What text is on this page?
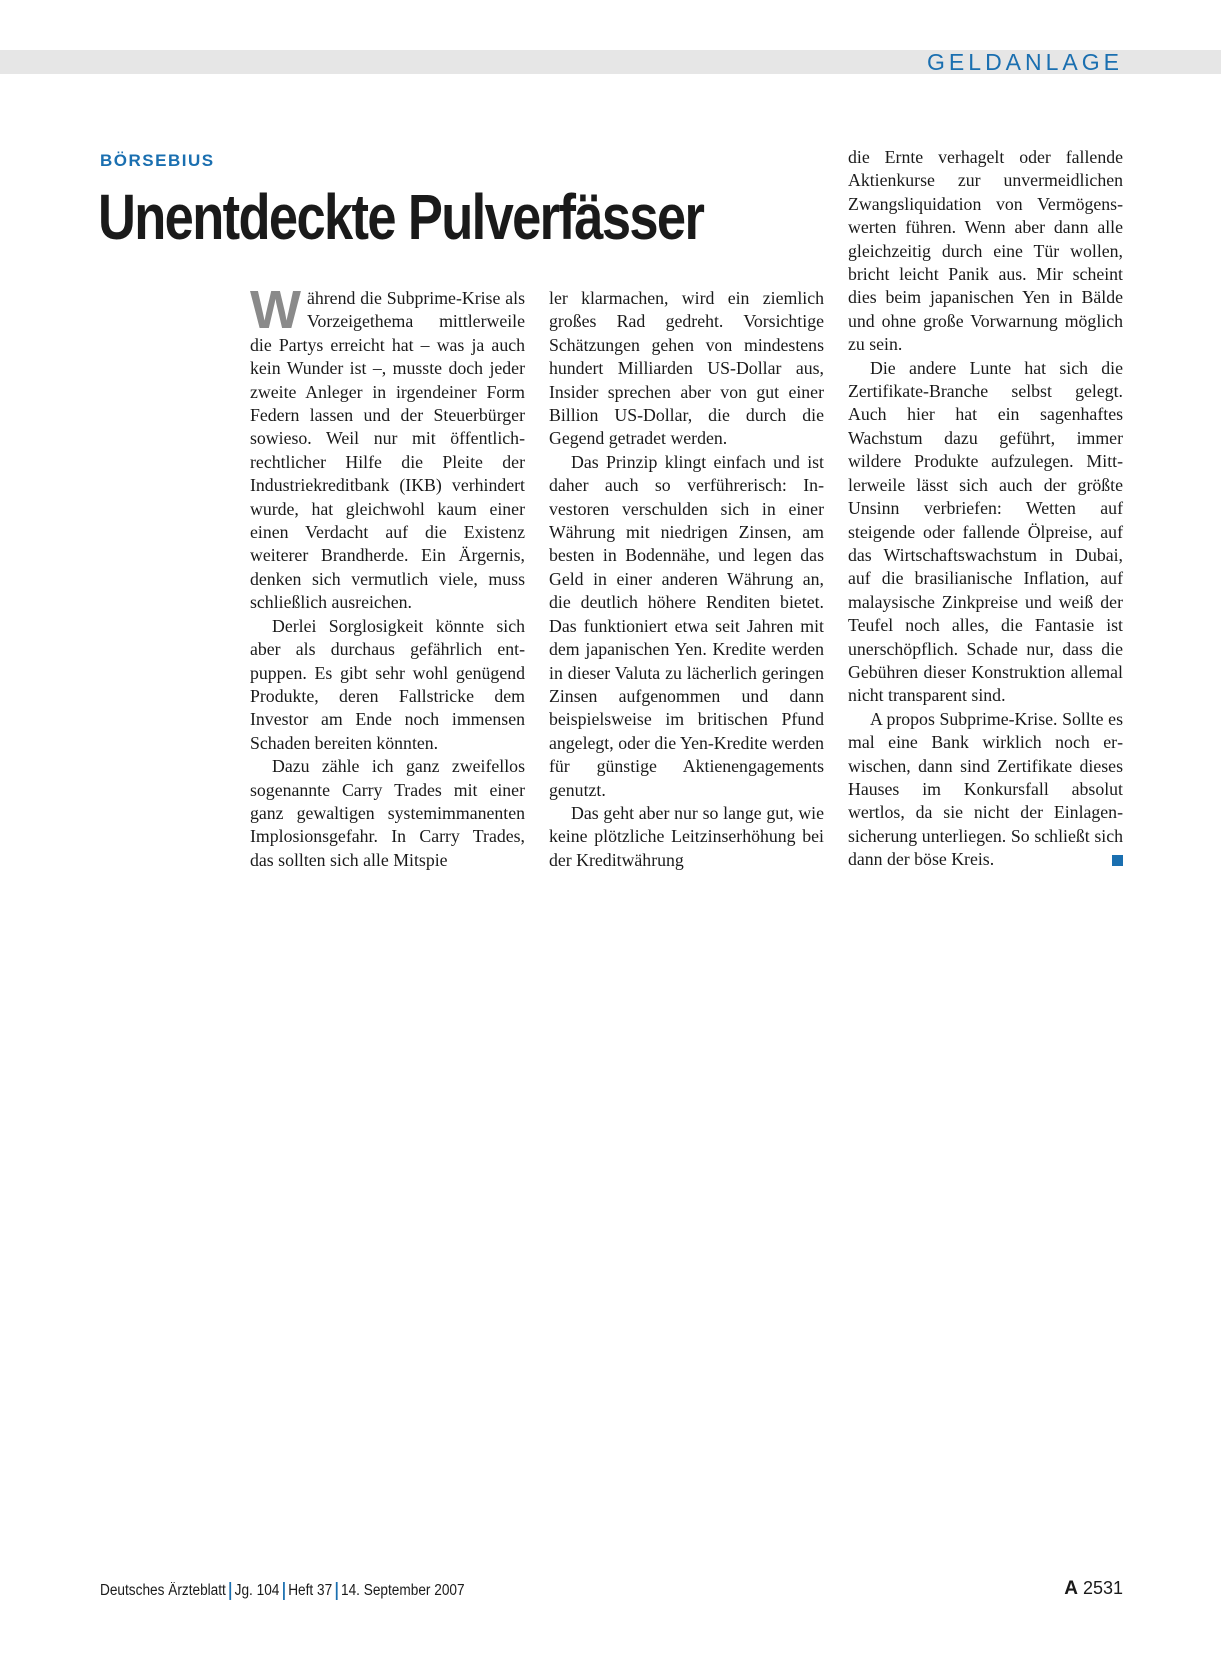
GELDANLAGE
BÖRSEBIUS
Unentdeckte Pulverfässer

Während die Subprime-Krise als Vorzeigethema mittlerweile die Partys erreicht hat – was ja auch kein Wunder ist –, musste doch jeder zweite Anleger in irgendeiner Form Federn lassen und der Steuerbürger sowieso. Weil nur mit öffentlich-rechtlicher Hilfe die Pleite der Industriekreditbank (IKB) verhindert wurde, hat gleichwohl kaum einer einen Verdacht auf die Existenz weiterer Brandherde. Ein Ärgernis, denken sich vermutlich viele, muss schließlich ausreichen.

Derlei Sorglosigkeit könnte sich aber als durchaus gefährlich entpuppen. Es gibt sehr wohl genügend Produkte, deren Fallstricke dem Investor am Ende noch immensen Schaden bereiten könnten.

Dazu zähle ich ganz zweifellos sogenannte Carry Trades mit einer ganz gewaltigen systemimmanenten Implosionsgefahr. In Carry Trades, das sollten sich alle Mitspie

ler klarmachen, wird ein ziemlich großes Rad gedreht. Vorsichtige Schätzungen gehen von mindestens hundert Milliarden US-Dollar aus, Insider sprechen aber von gut einer Billion US-Dollar, die durch die Gegend getradet werden.

Das Prinzip klingt einfach und ist daher auch so verführerisch: Investoren verschulden sich in einer Währung mit niedrigen Zinsen, am besten in Bodennähe, und legen das Geld in einer anderen Währung an, die deutlich höhere Renditen bietet. Das funktioniert etwa seit Jahren mit dem japanischen Yen. Kredite werden in dieser Valuta zu lächerlich geringen Zinsen aufgenommen und dann beispielsweise im britischen Pfund angelegt, oder die Yen-Kredite werden für günstige Aktienengagements genutzt.

Das geht aber nur so lange gut, wie keine plötzliche Leitzinserhöhung bei der Kreditwährung

die Ernte verhagelt oder fallende Aktienkurse zur unvermeidlichen Zwangsliquidation von Vermögenswerten führen. Wenn aber dann alle gleichzeitig durch eine Tür wollen, bricht leicht Panik aus. Mir scheint dies beim japanischen Yen in Bälde und ohne große Vorwarnung möglich zu sein.

Die andere Lunte hat sich die Zertifikate-Branche selbst gelegt. Auch hier hat ein sagenhaftes Wachstum dazu geführt, immer wildere Produkte aufzulegen. Mittlerweile lässt sich auch der größte Unsinn verbriefen: Wetten auf steigende oder fallende Ölpreise, auf das Wirtschaftswachstum in Dubai, auf die brasilianische Inflation, auf malaysische Zinkpreise und weiß der Teufel noch alles, die Fantasie ist unerschöpflich. Schade nur, dass die Gebühren dieser Konstruktion allemal nicht transparent sind.

A propos Subprime-Krise. Sollte es mal eine Bank wirklich noch erwischen, dann sind Zertifikate dieses Hauses im Konkursfall absolut wertlos, da sie nicht der Einlagensicherung unterliegen. So schließt sich dann der böse Kreis.

Deutsches Ärzteblatt Jg. 104 Heft 37 14. September 2007	A 2531
